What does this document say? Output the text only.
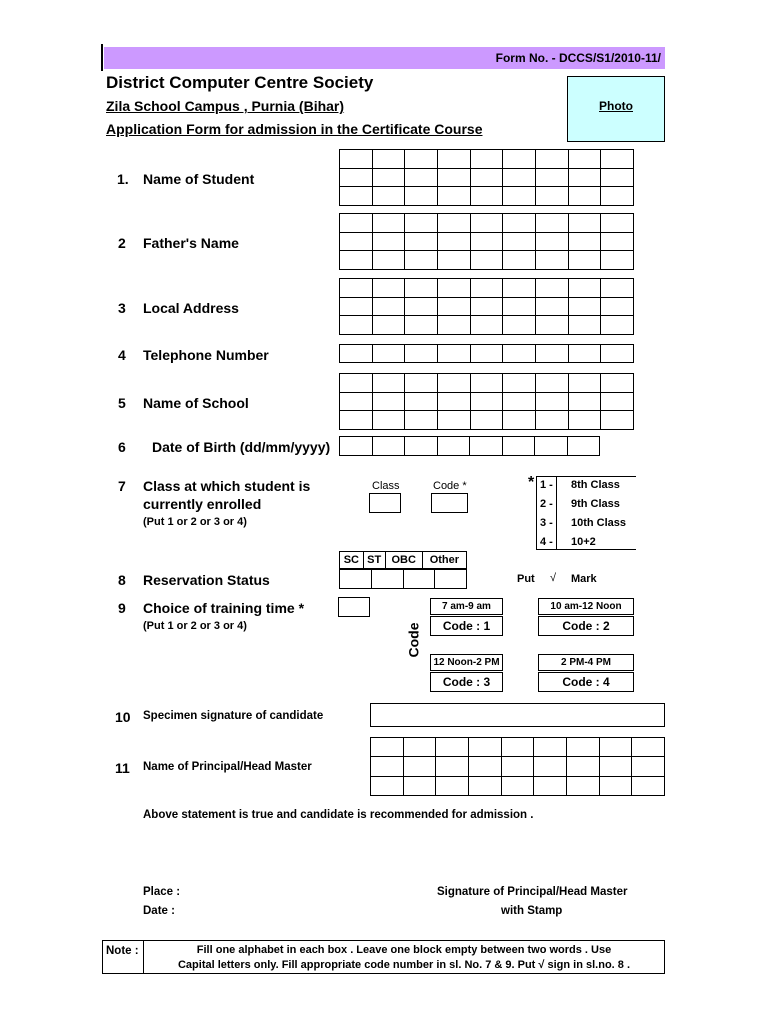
Form No. - DCCS/S1/2010-11/
District Computer Centre Society
Zila School Campus , Purnia (Bihar)
Application Form for admission in the Certificate Course
Photo
1. Name of Student

2 Father's Name

3 Local Address

4 Telephone Number

5 Name of School

6 Date of Birth (dd/mm/yyyy)

7 Class at which student is
currently enrolled
(Put 1 or 2 or 3 or 4)
Class	Code *	* 1 - 8th Class
2 - 9th Class
3 - 10th Class
4 - 10+2
SC	ST	OBC	Other
8 Reservation Status
				Put √ Mark
9 Choice of training time *
(Put 1 or 2 or 3 or 4)	Code
7 am-9 am
Code : 1
10 am-12 Noon
Code : 2
12 Noon-2 PM
Code : 3
2 PM-4 PM
Code : 4
10 Specimen signature of candidate
11 Name of Principal/Head Master

Above statement is true and candidate is recommended for admission .
Place :
Date :
Signature of Principal/Head Master
with Stamp
Note :	Fill one alphabet in each box . Leave one block empty between two words . Use
Capital letters only. Fill appropriate code number in sl. No. 7 & 9. Put √ sign in sl.no. 8 .
